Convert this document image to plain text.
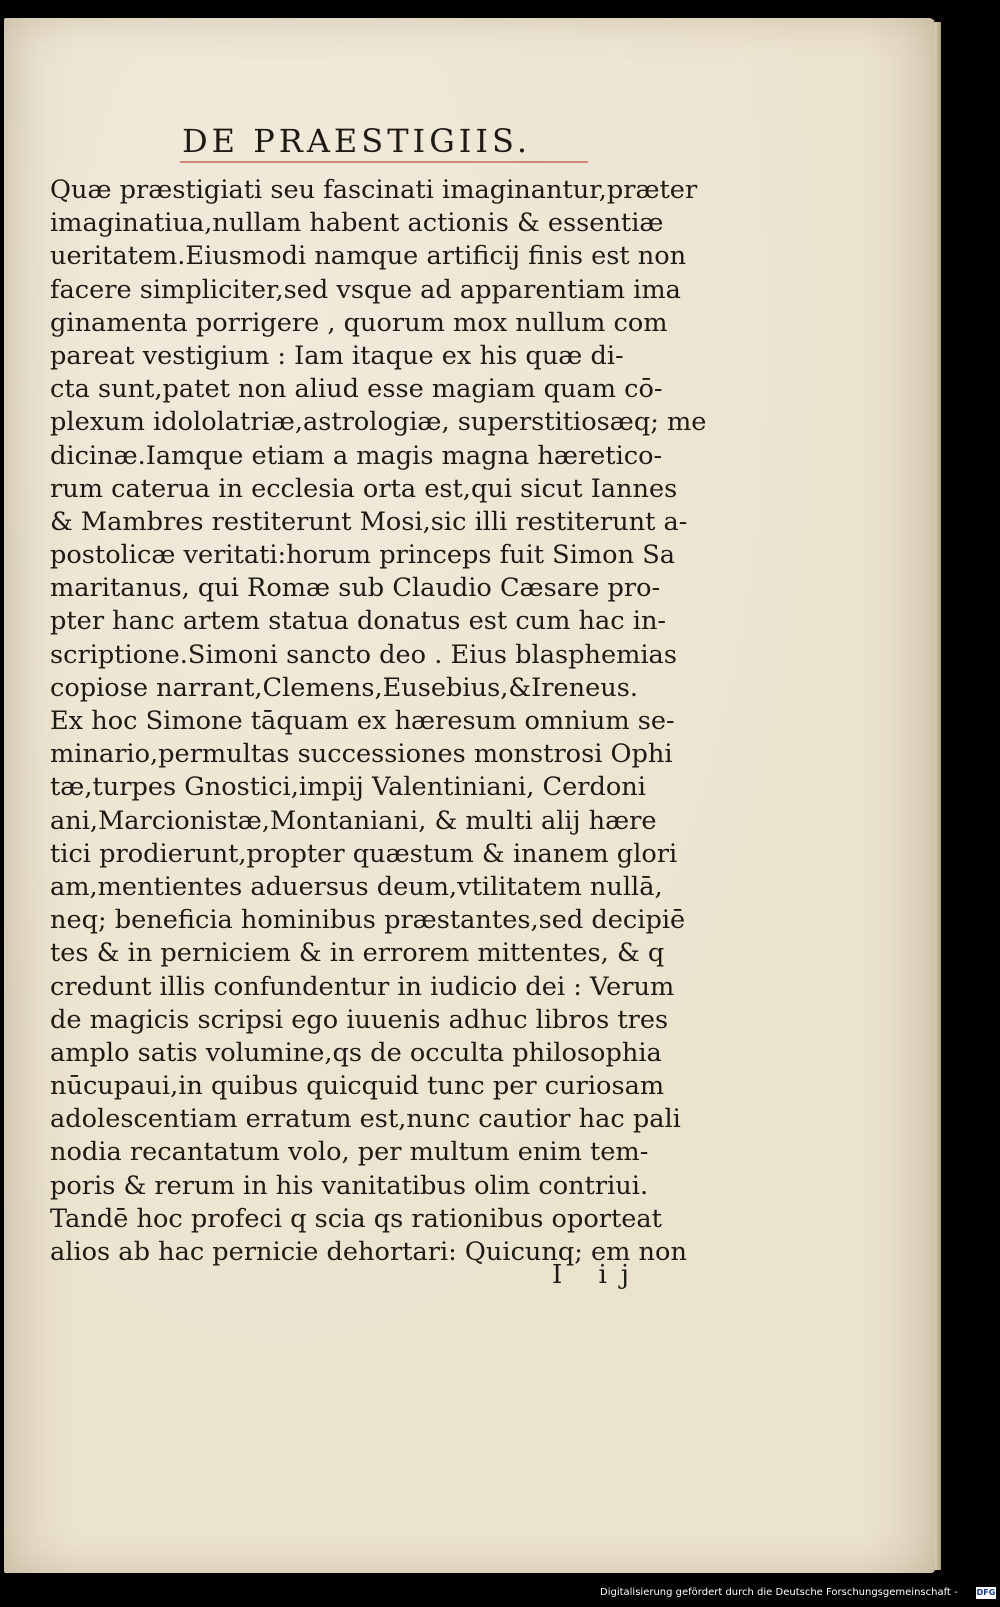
DE PRAESTIGIIS.
Quæ præstigiati seu fascinati imaginantur,præter
imaginatiua,nullam habent actionis & essentiæ
ueritatem.Eiusmodi namque artificij finis est non
facere simpliciter,sed vsque ad apparentiam ima
ginamenta porrigere , quorum mox nullum com
pareat vestigium : Iam itaque ex his quæ di-
cta sunt,patet non aliud esse magiam quam cō-
plexum idololatriæ,astrologiæ, superstitiosæq; me
dicinæ.Iamque etiam a magis magna hæretico-
rum caterua in ecclesia orta est,qui sicut Iannes
& Mambres restiterunt Mosi,sic illi restiterunt a-
postolicæ veritati:horum princeps fuit Simon Sa
maritanus, qui Romæ sub Claudio Cæsare pro-
pter hanc artem statua donatus est cum hac in-
scriptione.Simoni sancto deo . Eius blasphemias
copiose narrant,Clemens,Eusebius,&Ireneus.
Ex hoc Simone tāquam ex hæresum omnium se-
minario,permultas successiones monstrosi Ophi
tæ,turpes Gnostici,impij Valentiniani, Cerdoni
ani,Marcionistæ,Montaniani, & multi alij hære
tici prodierunt,propter quæstum & inanem glori
am,mentientes aduersus deum,vtilitatem nullā,
neq; beneficia hominibus præstantes,sed decipiē
tes & in perniciem & in errorem mittentes, & q
credunt illis confundentur in iudicio dei : Verum
de magicis scripsi ego iuuenis adhuc libros tres
amplo satis volumine,qs de occulta philosophia
nūcupaui,in quibus quicquid tunc per curiosam
adolescentiam erratum est,nunc cautior hac pali
nodia recantatum volo, per multum enim tem-
poris & rerum in his vanitatibus olim contriui.
Tandē hoc profeci q scia qs rationibus oporteat
alios ab hac pernicie dehortari: Quicunq; em non

I ij

Digitalisierung gefördert durch die Deutsche Forschungsgemeinschaft - DFG
